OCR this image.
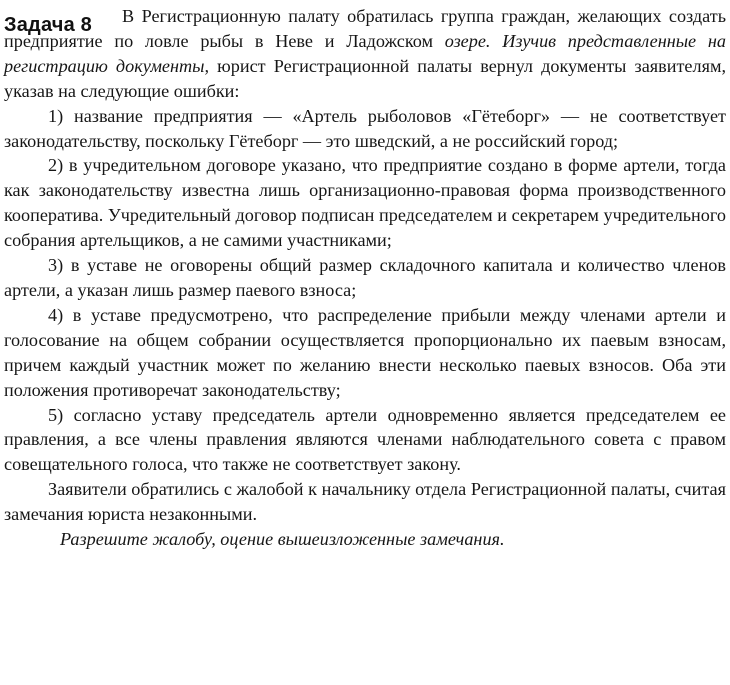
Задача 8	В Регистрационную палату обратилась группа граждан, желающих создать предприятие по ловле рыбы в Неве и Ладожском озере. Изучив представленные на регистрацию документы, юрист Регистрационной палаты вернул документы заявителям, указав на следующие ошибки:

1) название предприятия — «Артель рыболовов «Гётеборг» — не соответствует законодательству, поскольку Гётеборг — это шведский, а не российский город;

2) в учредительном договоре указано, что предприятие создано в форме артели, тогда как законодательству известна лишь организационно-правовая форма производственного кооператива. Учредительный договор подписан председателем и секретарем учредительного собрания артельщиков, а не самими участниками;

3) в уставе не оговорены общий размер складочного капитала и количество членов артели, а указан лишь размер паевого взноса;

4) в уставе предусмотрено, что распределение прибыли между членами артели и голосование на общем собрании осуществляется пропорционально их паевым взносам, причем каждый участник может по желанию внести несколько паевых взносов. Оба эти положения противоречат законодательству;

5) согласно уставу председатель артели одновременно является председателем ее правления, а все члены правления являются членами наблюдательного совета с правом совещательного голоса, что также не соответствует закону.

Заявители обратились с жалобой к начальнику отдела Регистрационной палаты, считая замечания юриста незаконными.

Разрешите жалобу, оцение вышеизложенные замечания.
